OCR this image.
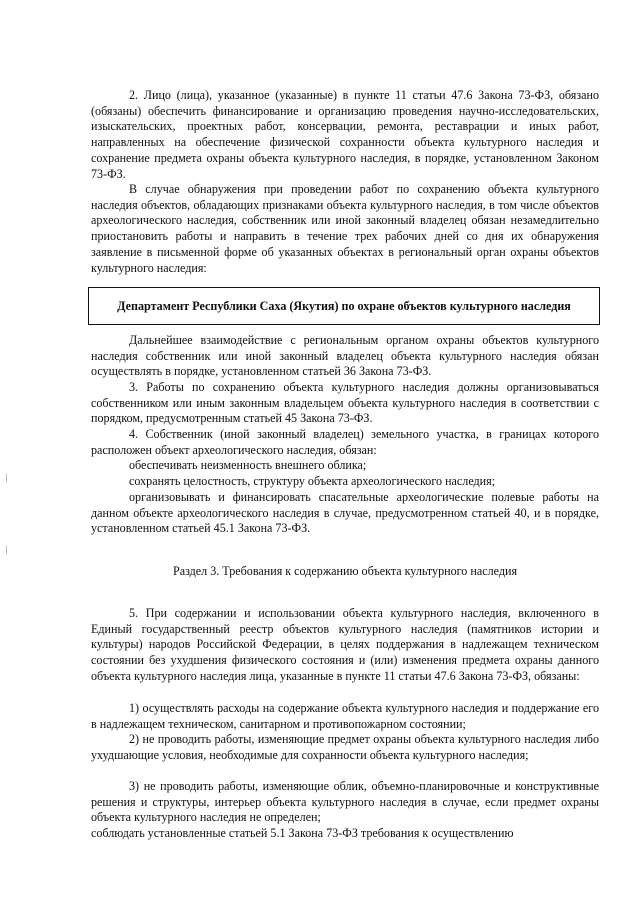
2. Лицо (лица), указанное (указанные) в пункте 11 статьи 47.6 Закона 73-ФЗ, обязано (обязаны) обеспечить финансирование и организацию проведения научно-исследовательских, изыскательских, проектных работ, консервации, ремонта, реставрации и иных работ, направленных на обеспечение физической сохранности объекта культурного наследия и сохранение предмета охраны объекта культурного наследия, в порядке, установленном Законом 73-ФЗ.

В случае обнаружения при проведении работ по сохранению объекта культурного наследия объектов, обладающих признаками объекта культурного наследия, в том числе объектов археологического наследия, собственник или иной законный владелец обязан незамедлительно приостановить работы и направить в течение трех рабочих дней со дня их обнаружения заявление в письменной форме об указанных объектах в региональный орган охраны объектов культурного наследия:

Департамент Республики Саха (Якутия) по охране объектов культурного наследия

Дальнейшее взаимодействие с региональным органом охраны объектов культурного наследия собственник или иной законный владелец объекта культурного наследия обязан осуществлять в порядке, установленном статьей 36 Закона 73-ФЗ.

3. Работы по сохранению объекта культурного наследия должны организовываться собственником или иным законным владельцем объекта культурного наследия в соответствии с порядком, предусмотренным статьей 45 Закона 73-ФЗ.

4. Собственник (иной законный владелец) земельного участка, в границах которого расположен объект археологического наследия, обязан:

обеспечивать неизменность внешнего облика;

сохранять целостность, структуру объекта археологического наследия;

организовывать и финансировать спасательные археологические полевые работы на данном объекте археологического наследия в случае, предусмотренном статьей 40, и в порядке, установленном статьей 45.1 Закона 73-ФЗ.

Раздел 3. Требования к содержанию объекта культурного наследия

5. При содержании и использовании объекта культурного наследия, включенного в Единый государственный реестр объектов культурного наследия (памятников истории и культуры) народов Российской Федерации, в целях поддержания в надлежащем техническом состоянии без ухудшения физического состояния и (или) изменения предмета охраны данного объекта культурного наследия лица, указанные в пункте 11 статьи 47.6 Закона 73-ФЗ, обязаны:

1) осуществлять расходы на содержание объекта культурного наследия и поддержание его в надлежащем техническом, санитарном и противопожарном состоянии;

2) не проводить работы, изменяющие предмет охраны объекта культурного наследия либо ухудшающие условия, необходимые для сохранности объекта культурного наследия;

3) не проводить работы, изменяющие облик, объемно-планировочные и конструктивные решения и структуры, интерьер объекта культурного наследия в случае, если предмет охраны объекта культурного наследия не определен;

соблюдать установленные статьей 5.1 Закона 73-ФЗ требования к осуществлению
